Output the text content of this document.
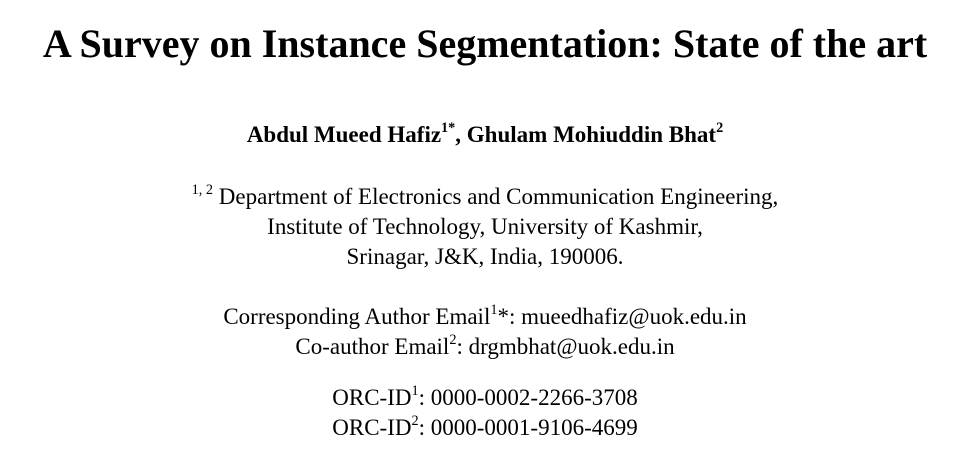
A Survey on Instance Segmentation: State of the art
Abdul Mueed Hafiz$^{1*}$, Ghulam Mohiuddin Bhat$^2$
$^{1, 2}$ Department of Electronics and Communication Engineering,
Institute of Technology, University of Kashmir,
Srinagar, J&K, India, 190006.
Corresponding Author Email$^1$*: mueedhafiz@uok.edu.in
Co-author Email$^2$: drgmbhat@uok.edu.in
ORC-$ID^1$: 0000-0002-2266-3708
ORC-$ID^2$: 0000-0001-9106-4699
